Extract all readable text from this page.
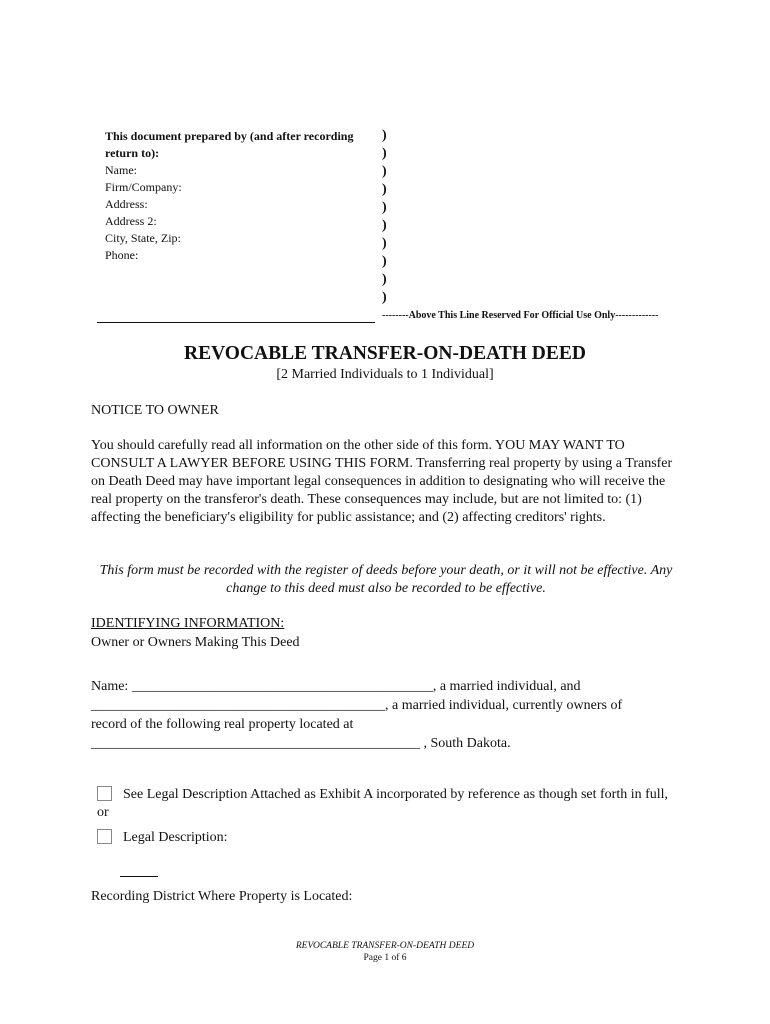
This document prepared by (and after recording
return to):
Name:
Firm/Company:
Address:
Address 2:
City, State, Zip:
Phone:
)
)
)
)
)
)
)
)
)
)
--------Above This Line Reserved For Official Use Only-------------
REVOCABLE TRANSFER-ON-DEATH DEED
[2 Married Individuals to 1 Individual]
NOTICE TO OWNER
You should carefully read all information on the other side of this form. YOU MAY WANT TO CONSULT A LAWYER BEFORE USING THIS FORM. Transferring real property by using a Transfer on Death Deed may have important legal consequences in addition to designating who will receive the real property on the transferor's death. These consequences may include, but are not limited to: (1) affecting the beneficiary's eligibility for public assistance; and (2) affecting creditors' rights.
This form must be recorded with the register of deeds before your death, or it will not be effective. Any change to this deed must also be recorded to be effective.
IDENTIFYING INFORMATION:
Owner or Owners Making This Deed
Name: ___________________________________________, a married individual, and
__________________________________________, a married individual, currently owners of
record of the following real property located at
_______________________________________________ , South Dakota.
See Legal Description Attached as Exhibit A incorporated by reference as though set forth in full, or
Legal Description:
Recording District Where Property is Located:
REVOCABLE TRANSFER-ON-DEATH DEED
Page 1 of 6
